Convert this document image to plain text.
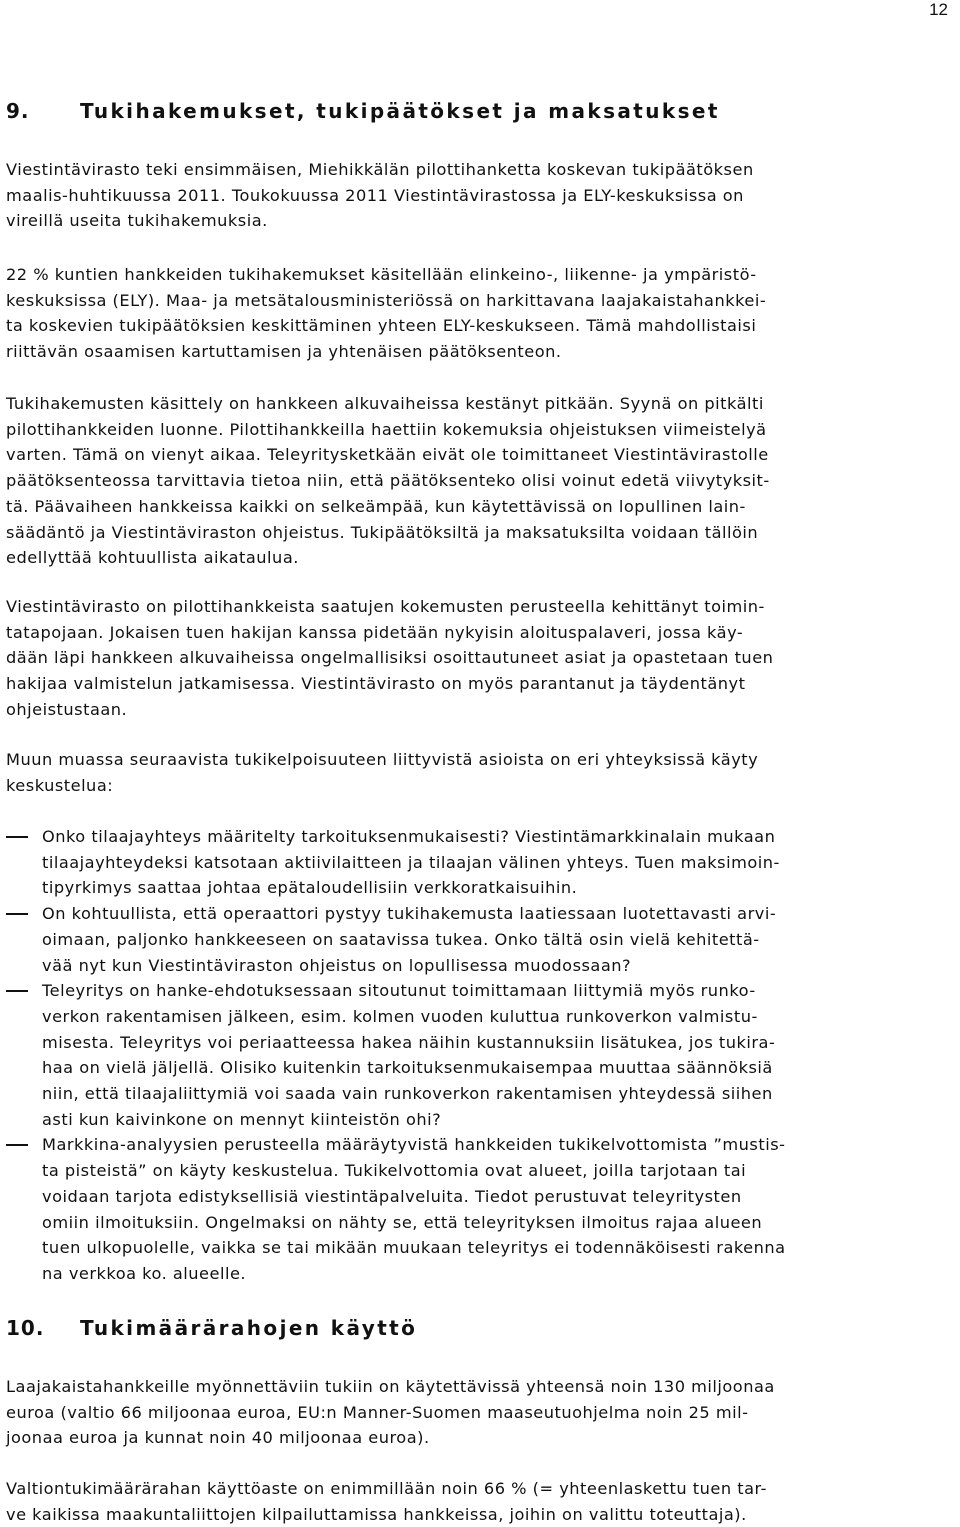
12
9.	Tukihakemukset, tukipäätökset ja maksatukset

Viestintävirasto teki ensimmäisen, Miehikkälän pilottihanketta koskevan tukipäätöksen
maalis-huhtikuussa 2011. Toukokuussa 2011 Viestintävirastossa ja ELY-keskuksissa on
vireillä useita tukihakemuksia.

22 % kuntien hankkeiden tukihakemukset käsitellään elinkeino-, liikenne- ja ympäristö-
keskuksissa (ELY). Maa- ja metsätalousministeriössä on harkittavana laajakaistahankkei-
ta koskevien tukipäätöksien keskittäminen yhteen ELY-keskukseen. Tämä mahdollistaisi
riittävän osaamisen kartuttamisen ja yhtenäisen päätöksenteon.

Tukihakemusten käsittely on hankkeen alkuvaiheissa kestänyt pitkään. Syynä on pitkälti
pilottihankkeiden luonne. Pilottihankkeilla haettiin kokemuksia ohjeistuksen viimeistelyä
varten. Tämä on vienyt aikaa. Teleyritysketkään eivät ole toimittaneet Viestintävirastolle
päätöksenteossa tarvittavia tietoa niin, että päätöksenteko olisi voinut edetä viivytyksit-
tä. Päävaiheen hankkeissa kaikki on selkeämpää, kun käytettävissä on lopullinen lain-
säädäntö ja Viestintäviraston ohjeistus. Tukipäätöksiltä ja maksatuksilta voidaan tällöin
edellyttää kohtuullista aikataulua.

Viestintävirasto on pilottihankkeista saatujen kokemusten perusteella kehittänyt toimin-
tatapojaan. Jokaisen tuen hakijan kanssa pidetään nykyisin aloituspalaveri, jossa käy-
dään läpi hankkeen alkuvaiheissa ongelmallisiksi osoittautuneet asiat ja opastetaan tuen
hakijaa valmistelun jatkamisessa. Viestintävirasto on myös parantanut ja täydentänyt
ohjeistustaan.

Muun muassa seuraavista tukikelpoisuuteen liittyvistä asioista on eri yhteyksissä käyty
keskustelua:

Onko tilaajayhteys määritelty tarkoituksenmukaisesti? Viestintämarkkinalain mukaan
tilaajayhteydeksi katsotaan aktiivilaitteen ja tilaajan välinen yhteys. Tuen maksimoin-
tipyrkimys saattaa johtaa epätaloudellisiin verkkoratkaisuihin.
On kohtuullista, että operaattori pystyy tukihakemusta laatiessaan luotettavasti arvi-
oimaan, paljonko hankkeeseen on saatavissa tukea. Onko tältä osin vielä kehitettä-
vää nyt kun Viestintäviraston ohjeistus on lopullisessa muodossaan?
Teleyritys on hanke-ehdotuksessaan sitoutunut toimittamaan liittymiä myös runko-
verkon rakentamisen jälkeen, esim. kolmen vuoden kuluttua runkoverkon valmistu-
misesta. Teleyritys voi periaatteessa hakea näihin kustannuksiin lisätukea, jos tukira-
haa on vielä jäljellä. Olisiko kuitenkin tarkoituksenmukaisempaa muuttaa säännöksiä
niin, että tilaajaliittymiä voi saada vain runkoverkon rakentamisen yhteydessä siihen
asti kun kaivinkone on mennyt kiinteistön ohi?
Markkina-analyysien perusteella määräytyvistä hankkeiden tukikelvottomista ”mustis-
ta pisteistä” on käyty keskustelua. Tukikelvottomia ovat alueet, joilla tarjotaan tai
voidaan tarjota edistyksellisiä viestintäpalveluita. Tiedot perustuvat teleyritysten
omiin ilmoituksiin. Ongelmaksi on nähty se, että teleyrityksen ilmoitus rajaa alueen
tuen ulkopuolelle, vaikka se tai mikään muukaan teleyritys ei todennäköisesti rakenna
na verkkoa ko. alueelle.
10. Tukimäärärahojen käyttö

Laajakaistahankkeille myönnettäviin tukiin on käytettävissä yhteensä noin 130 miljoonaa
euroa (valtio 66 miljoonaa euroa, EU:n Manner-Suomen maaseutuohjelma noin 25 mil-
joonaa euroa ja kunnat noin 40 miljoonaa euroa).

Valtiontukimäärärahan käyttöaste on enimmillään noin 66 % (= yhteenlaskettu tuen tar-
ve kaikissa maakuntaliittojen kilpailuttamissa hankkeissa, joihin on valittu toteuttaja).
